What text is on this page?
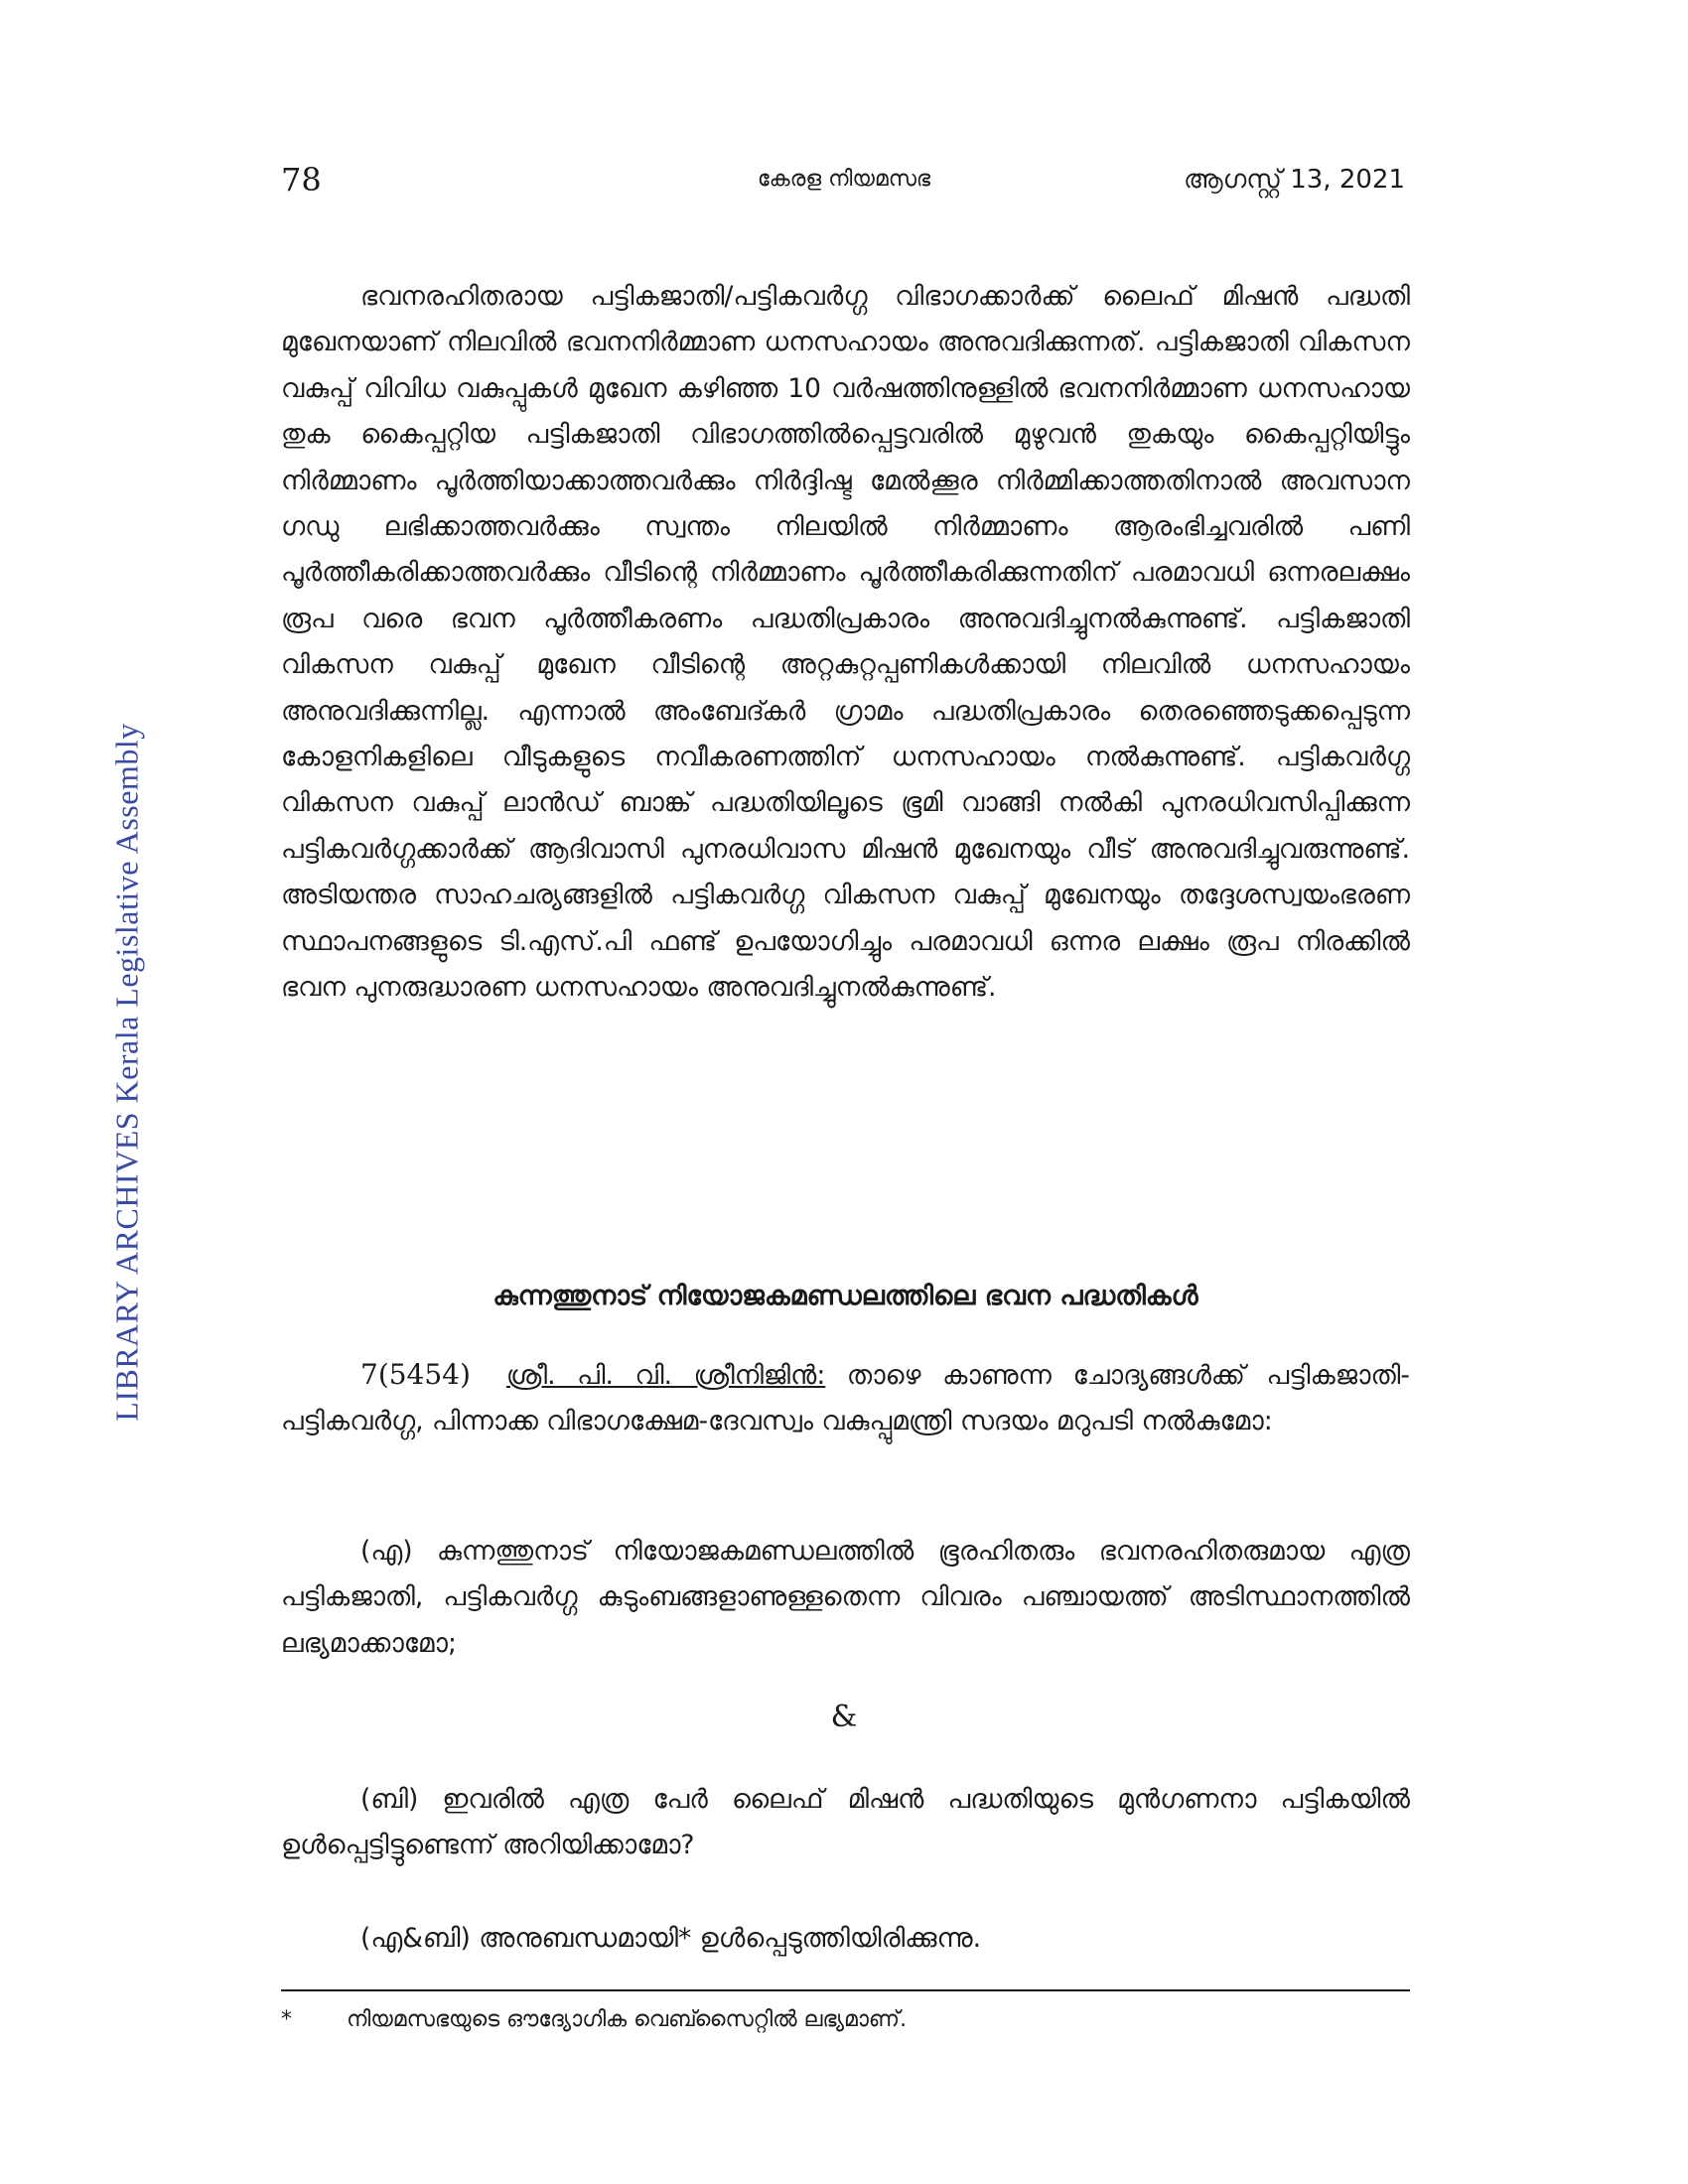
78	കേരള നിയമസഭ	ആഗസ്റ്റ് 13, 2021
LIBRARY ARCHIVES Kerala Legislative Assembly

ഭവനരഹിതരായ പട്ടികജാതി/പട്ടികവർഗ്ഗ വിഭാഗക്കാർക്ക് ലൈഫ് മിഷൻ പദ്ധതി മുഖേനയാണ് നിലവിൽ ഭവനനിർമ്മാണ ധനസഹായം അനുവദിക്കുന്നത്. പട്ടികജാതി വികസന വകുപ്പ് വിവിധ വകുപ്പുകൾ മുഖേന കഴിഞ്ഞ 10 വർഷത്തിനുള്ളിൽ ഭവനനിർമ്മാണ ധനസഹായ തുക കൈപ്പറ്റിയ പട്ടികജാതി വിഭാഗത്തിൽപ്പെട്ടവരിൽ മുഴുവൻ തുകയും കൈപ്പറ്റിയിട്ടും നിർമ്മാണം പൂർത്തിയാക്കാത്തവർക്കും നിർദ്ദിഷ്ട മേൽക്കൂര നിർമ്മിക്കാത്തതിനാൽ അവസാന ഗഡു ലഭിക്കാത്തവർക്കും സ്വന്തം നിലയിൽ നിർമ്മാണം ആരംഭിച്ചവരിൽ പണി പൂർത്തീകരിക്കാത്തവർക്കും വീടിന്റെ നിർമ്മാണം പൂർത്തീകരിക്കുന്നതിന് പരമാവധി ഒന്നരലക്ഷം രൂപ വരെ ഭവന പൂർത്തീകരണം പദ്ധതിപ്രകാരം അനുവദിച്ചുനൽകുന്നുണ്ട്. പട്ടികജാതി വികസന വകുപ്പ് മുഖേന വീടിന്റെ അറ്റകുറ്റപ്പണികൾക്കായി നിലവിൽ ധനസഹായം അനുവദിക്കുന്നില്ല. എന്നാൽ അംബേദ്കർ ഗ്രാമം പദ്ധതിപ്രകാരം തെരഞ്ഞെടുക്കപ്പെടുന്ന കോളനികളിലെ വീടുകളുടെ നവീകരണത്തിന് ധനസഹായം നൽകുന്നുണ്ട്. പട്ടികവർഗ്ഗ വികസന വകുപ്പ് ലാൻഡ് ബാങ്ക് പദ്ധതിയിലൂടെ ഭൂമി വാങ്ങി നൽകി പുനരധിവസിപ്പിക്കുന്ന പട്ടികവർഗ്ഗക്കാർക്ക് ആദിവാസി പുനരധിവാസ മിഷൻ മുഖേനയും വീട് അനുവദിച്ചുവരുന്നുണ്ട്. അടിയന്തര സാഹചര്യങ്ങളിൽ പട്ടികവർഗ്ഗ വികസന വകുപ്പ് മുഖേനയും തദ്ദേശസ്വയംഭരണ സ്ഥാപനങ്ങളുടെ ടി.എസ്.പി ഫണ്ട് ഉപയോഗിച്ചും പരമാവധി ഒന്നര ലക്ഷം രൂപ നിരക്കിൽ ഭവന പുനരുദ്ധാരണ ധനസഹായം അനുവദിച്ചുനൽകുന്നുണ്ട്.

കുന്നത്തുനാട് നിയോജകമണ്ഡലത്തിലെ ഭവന പദ്ധതികൾ

7(5454) ശ്രീ. പി. വി. ശ്രീനിജിൻ: താഴെ കാണുന്ന ചോദ്യങ്ങൾക്ക് പട്ടികജാതി-പട്ടികവർഗ്ഗ, പിന്നാക്ക വിഭാഗക്ഷേമ-ദേവസ്വം വകുപ്പുമന്ത്രി സദയം മറുപടി നൽകുമോ:

(എ) കുന്നത്തുനാട് നിയോജകമണ്ഡലത്തിൽ ഭൂരഹിതരും ഭവനരഹിതരുമായ എത്ര പട്ടികജാതി, പട്ടികവർഗ്ഗ കുടുംബങ്ങളാണുള്ളതെന്ന വിവരം പഞ്ചായത്ത് അടിസ്ഥാനത്തിൽ ലഭ്യമാക്കാമോ;

&

(ബി) ഇവരിൽ എത്ര പേർ ലൈഫ് മിഷൻ പദ്ധതിയുടെ മുൻഗണനാ പട്ടികയിൽ ഉൾപ്പെട്ടിട്ടുണ്ടെന്ന് അറിയിക്കാമോ?

(എ&ബി) അനുബന്ധമായി* ഉൾപ്പെടുത്തിയിരിക്കുന്നു.

*	നിയമസഭയുടെ ഔദ്യോഗിക വെബ്സൈറ്റിൽ ലഭ്യമാണ്.
